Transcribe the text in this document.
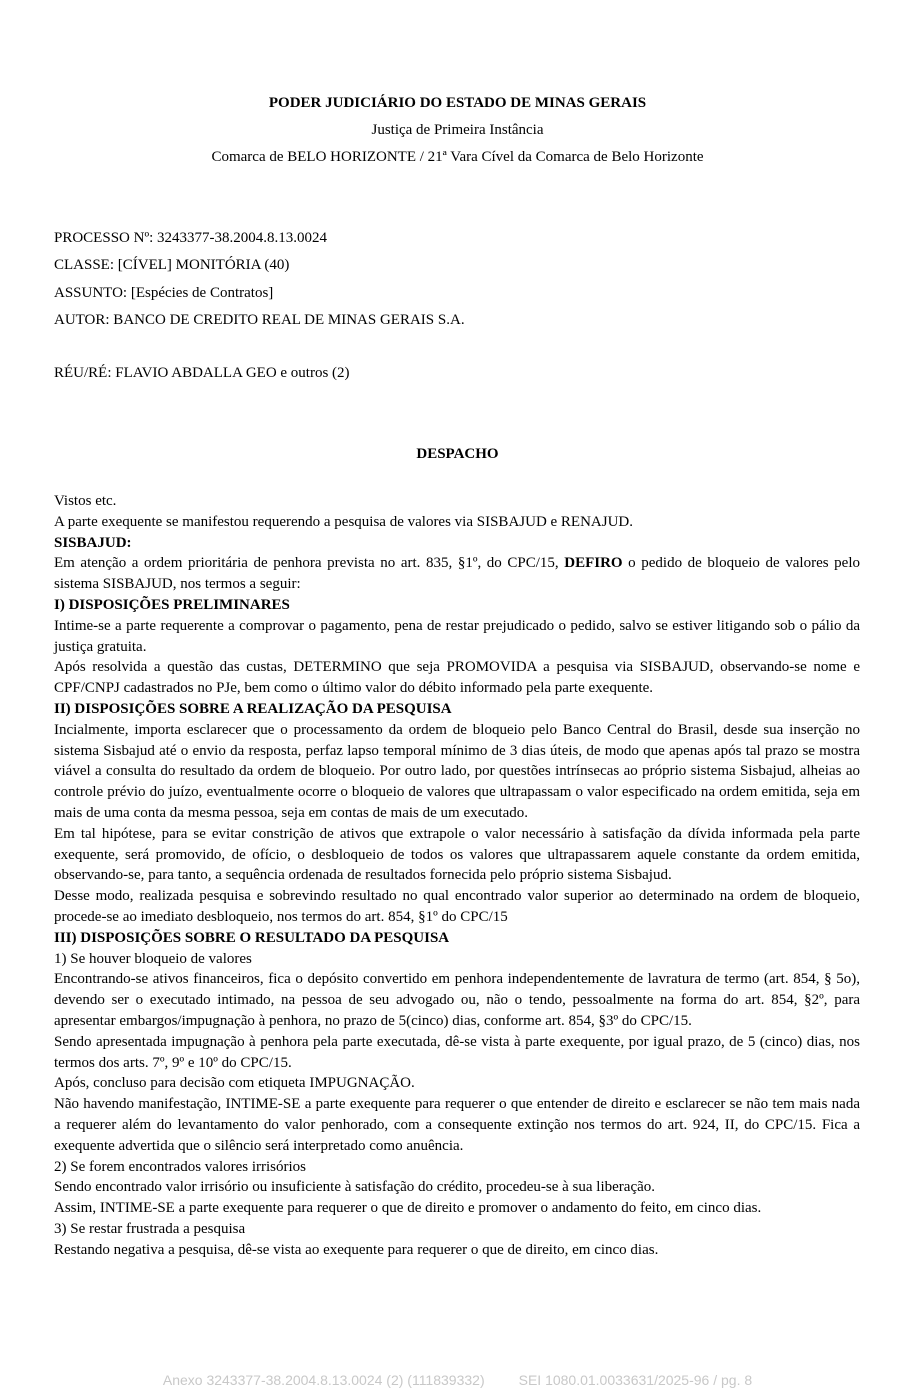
PODER JUDICIÁRIO DO ESTADO DE MINAS GERAIS
Justiça de Primeira Instância
Comarca de BELO HORIZONTE / 21ª Vara Cível da Comarca de Belo Horizonte
PROCESSO Nº: 3243377-38.2004.8.13.0024
CLASSE: [CÍVEL] MONITÓRIA (40)
ASSUNTO: [Espécies de Contratos]
AUTOR: BANCO DE CREDITO REAL DE MINAS GERAIS S.A.
RÉU/RÉ: FLAVIO ABDALLA GEO e outros (2)
DESPACHO

Vistos etc.

A parte exequente se manifestou requerendo a pesquisa de valores via SISBAJUD e RENAJUD.

SISBAJUD:

Em atenção a ordem prioritária de penhora prevista no art. 835, §1º, do CPC/15, DEFIRO o pedido de bloqueio de valores pelo sistema SISBAJUD, nos termos a seguir:

I) DISPOSIÇÕES PRELIMINARES

Intime-se a parte requerente a comprovar o pagamento, pena de restar prejudicado o pedido, salvo se estiver litigando sob o pálio da justiça gratuita.

Após resolvida a questão das custas, DETERMINO que seja PROMOVIDA a pesquisa via SISBAJUD, observando-se nome e CPF/CNPJ cadastrados no PJe, bem como o último valor do débito informado pela parte exequente.

II) DISPOSIÇÕES SOBRE A REALIZAÇÃO DA PESQUISA

Incialmente, importa esclarecer que o processamento da ordem de bloqueio pelo Banco Central do Brasil, desde sua inserção no sistema Sisbajud até o envio da resposta, perfaz lapso temporal mínimo de 3 dias úteis, de modo que apenas após tal prazo se mostra viável a consulta do resultado da ordem de bloqueio. Por outro lado, por questões intrínsecas ao próprio sistema Sisbajud, alheias ao controle prévio do juízo, eventualmente ocorre o bloqueio de valores que ultrapassam o valor especificado na ordem emitida, seja em mais de uma conta da mesma pessoa, seja em contas de mais de um executado.

Em tal hipótese, para se evitar constrição de ativos que extrapole o valor necessário à satisfação da dívida informada pela parte exequente, será promovido, de ofício, o desbloqueio de todos os valores que ultrapassarem aquele constante da ordem emitida, observando-se, para tanto, a sequência ordenada de resultados fornecida pelo próprio sistema Sisbajud.

Desse modo, realizada pesquisa e sobrevindo resultado no qual encontrado valor superior ao determinado na ordem de bloqueio, procede-se ao imediato desbloqueio, nos termos do art. 854, §1º do CPC/15

III) DISPOSIÇÕES SOBRE O RESULTADO DA PESQUISA

1) Se houver bloqueio de valores

Encontrando-se ativos financeiros, fica o depósito convertido em penhora independentemente de lavratura de termo (art. 854, § 5o), devendo ser o executado intimado, na pessoa de seu advogado ou, não o tendo, pessoalmente na forma do art. 854, §2º, para apresentar embargos/impugnação à penhora, no prazo de 5(cinco) dias, conforme art. 854, §3º do CPC/15.

Sendo apresentada impugnação à penhora pela parte executada, dê-se vista à parte exequente, por igual prazo, de 5 (cinco) dias, nos termos dos arts. 7º, 9º e 10º do CPC/15.

Após, concluso para decisão com etiqueta IMPUGNAÇÃO.

Não havendo manifestação, INTIME-SE a parte exequente para requerer o que entender de direito e esclarecer se não tem mais nada a requerer além do levantamento do valor penhorado, com a consequente extinção nos termos do art. 924, II, do CPC/15. Fica a exequente advertida que o silêncio será interpretado como anuência.

2) Se forem encontrados valores irrisórios

Sendo encontrado valor irrisório ou insuficiente à satisfação do crédito, procedeu-se à sua liberação.

Assim, INTIME-SE a parte exequente para requerer o que de direito e promover o andamento do feito, em cinco dias.

3) Se restar frustrada a pesquisa

Restando negativa a pesquisa, dê-se vista ao exequente para requerer o que de direito, em cinco dias.

Anexo 3243377-38.2004.8.13.0024 (2) (111839332) SEI 1080.01.0033631/2025-96 / pg. 8
